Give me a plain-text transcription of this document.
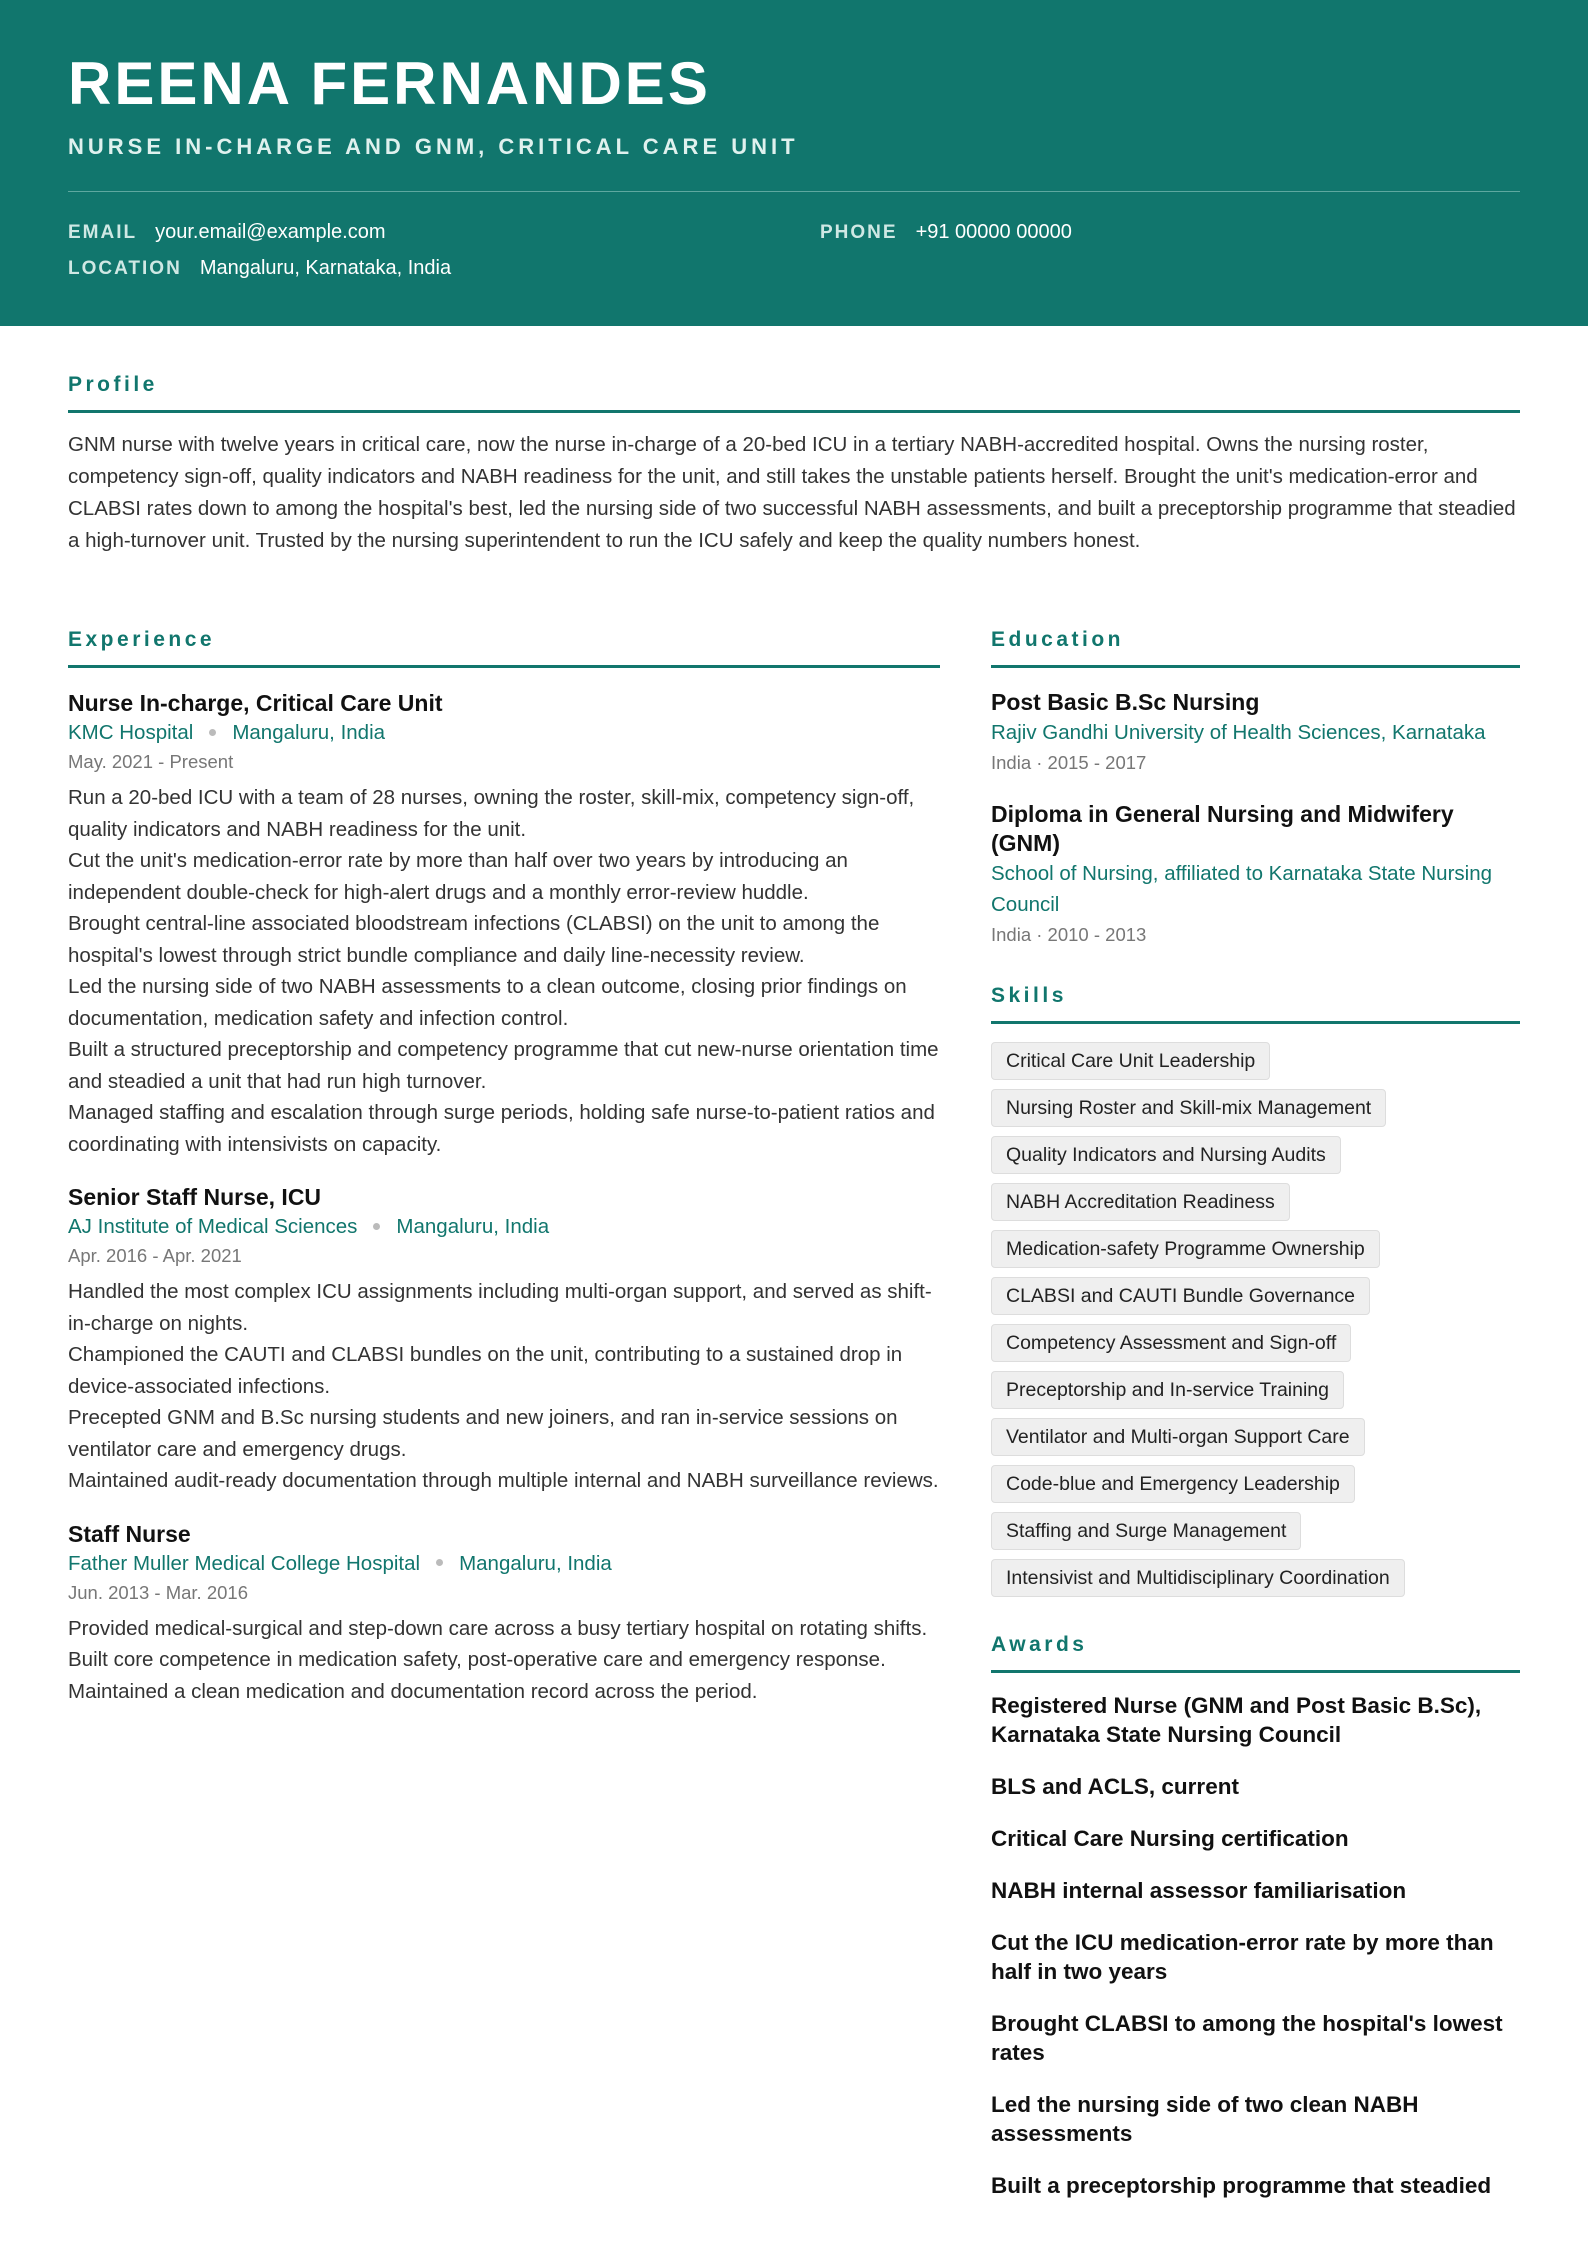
REENA FERNANDES
NURSE IN-CHARGE AND GNM, CRITICAL CARE UNIT
EMAIL your.email@example.com	PHONE +91 00000 00000
LOCATION Mangaluru, Karnataka, India
Profile
GNM nurse with twelve years in critical care, now the nurse in-charge of a 20-bed ICU in a tertiary NABH-accredited hospital. Owns the nursing roster, competency sign-off, quality indicators and NABH readiness for the unit, and still takes the unstable patients herself. Brought the unit's medication-error and CLABSI rates down to among the hospital's best, led the nursing side of two successful NABH assessments, and built a preceptorship programme that steadied a high-turnover unit. Trusted by the nursing superintendent to run the ICU safely and keep the quality numbers honest.
Experience
Nurse In-charge, Critical Care Unit
KMC Hospital Mangaluru, India
May. 2021 - Present
Run a 20-bed ICU with a team of 28 nurses, owning the roster, skill-mix, competency sign-off, quality indicators and NABH readiness for the unit.
Cut the unit's medication-error rate by more than half over two years by introducing an independent double-check for high-alert drugs and a monthly error-review huddle.
Brought central-line associated bloodstream infections (CLABSI) on the unit to among the hospital's lowest through strict bundle compliance and daily line-necessity review.
Led the nursing side of two NABH assessments to a clean outcome, closing prior findings on documentation, medication safety and infection control.
Built a structured preceptorship and competency programme that cut new-nurse orientation time and steadied a unit that had run high turnover.
Managed staffing and escalation through surge periods, holding safe nurse-to-patient ratios and coordinating with intensivists on capacity.
Senior Staff Nurse, ICU
AJ Institute of Medical Sciences Mangaluru, India
Apr. 2016 - Apr. 2021
Handled the most complex ICU assignments including multi-organ support, and served as shift-in-charge on nights.
Championed the CAUTI and CLABSI bundles on the unit, contributing to a sustained drop in device-associated infections.
Precepted GNM and B.Sc nursing students and new joiners, and ran in-service sessions on ventilator care and emergency drugs.
Maintained audit-ready documentation through multiple internal and NABH surveillance reviews.
Staff Nurse
Father Muller Medical College Hospital Mangaluru, India
Jun. 2013 - Mar. 2016
Provided medical-surgical and step-down care across a busy tertiary hospital on rotating shifts.
Built core competence in medication safety, post-operative care and emergency response.
Maintained a clean medication and documentation record across the period.
Education
Post Basic B.Sc Nursing
Rajiv Gandhi University of Health Sciences, Karnataka
India · 2015 - 2017
Diploma in General Nursing and Midwifery (GNM)
School of Nursing, affiliated to Karnataka State Nursing Council
India · 2010 - 2013
Skills
Critical Care Unit Leadership
Nursing Roster and Skill-mix Management
Quality Indicators and Nursing Audits
NABH Accreditation Readiness
Medication-safety Programme Ownership
CLABSI and CAUTI Bundle Governance
Competency Assessment and Sign-off
Preceptorship and In-service Training
Ventilator and Multi-organ Support Care
Code-blue and Emergency Leadership
Staffing and Surge Management
Intensivist and Multidisciplinary Coordination
Awards
Registered Nurse (GNM and Post Basic B.Sc), Karnataka State Nursing Council
BLS and ACLS, current
Critical Care Nursing certification
NABH internal assessor familiarisation
Cut the ICU medication-error rate by more than half in two years
Brought CLABSI to among the hospital's lowest rates
Led the nursing side of two clean NABH assessments
Built a preceptorship programme that steadied
